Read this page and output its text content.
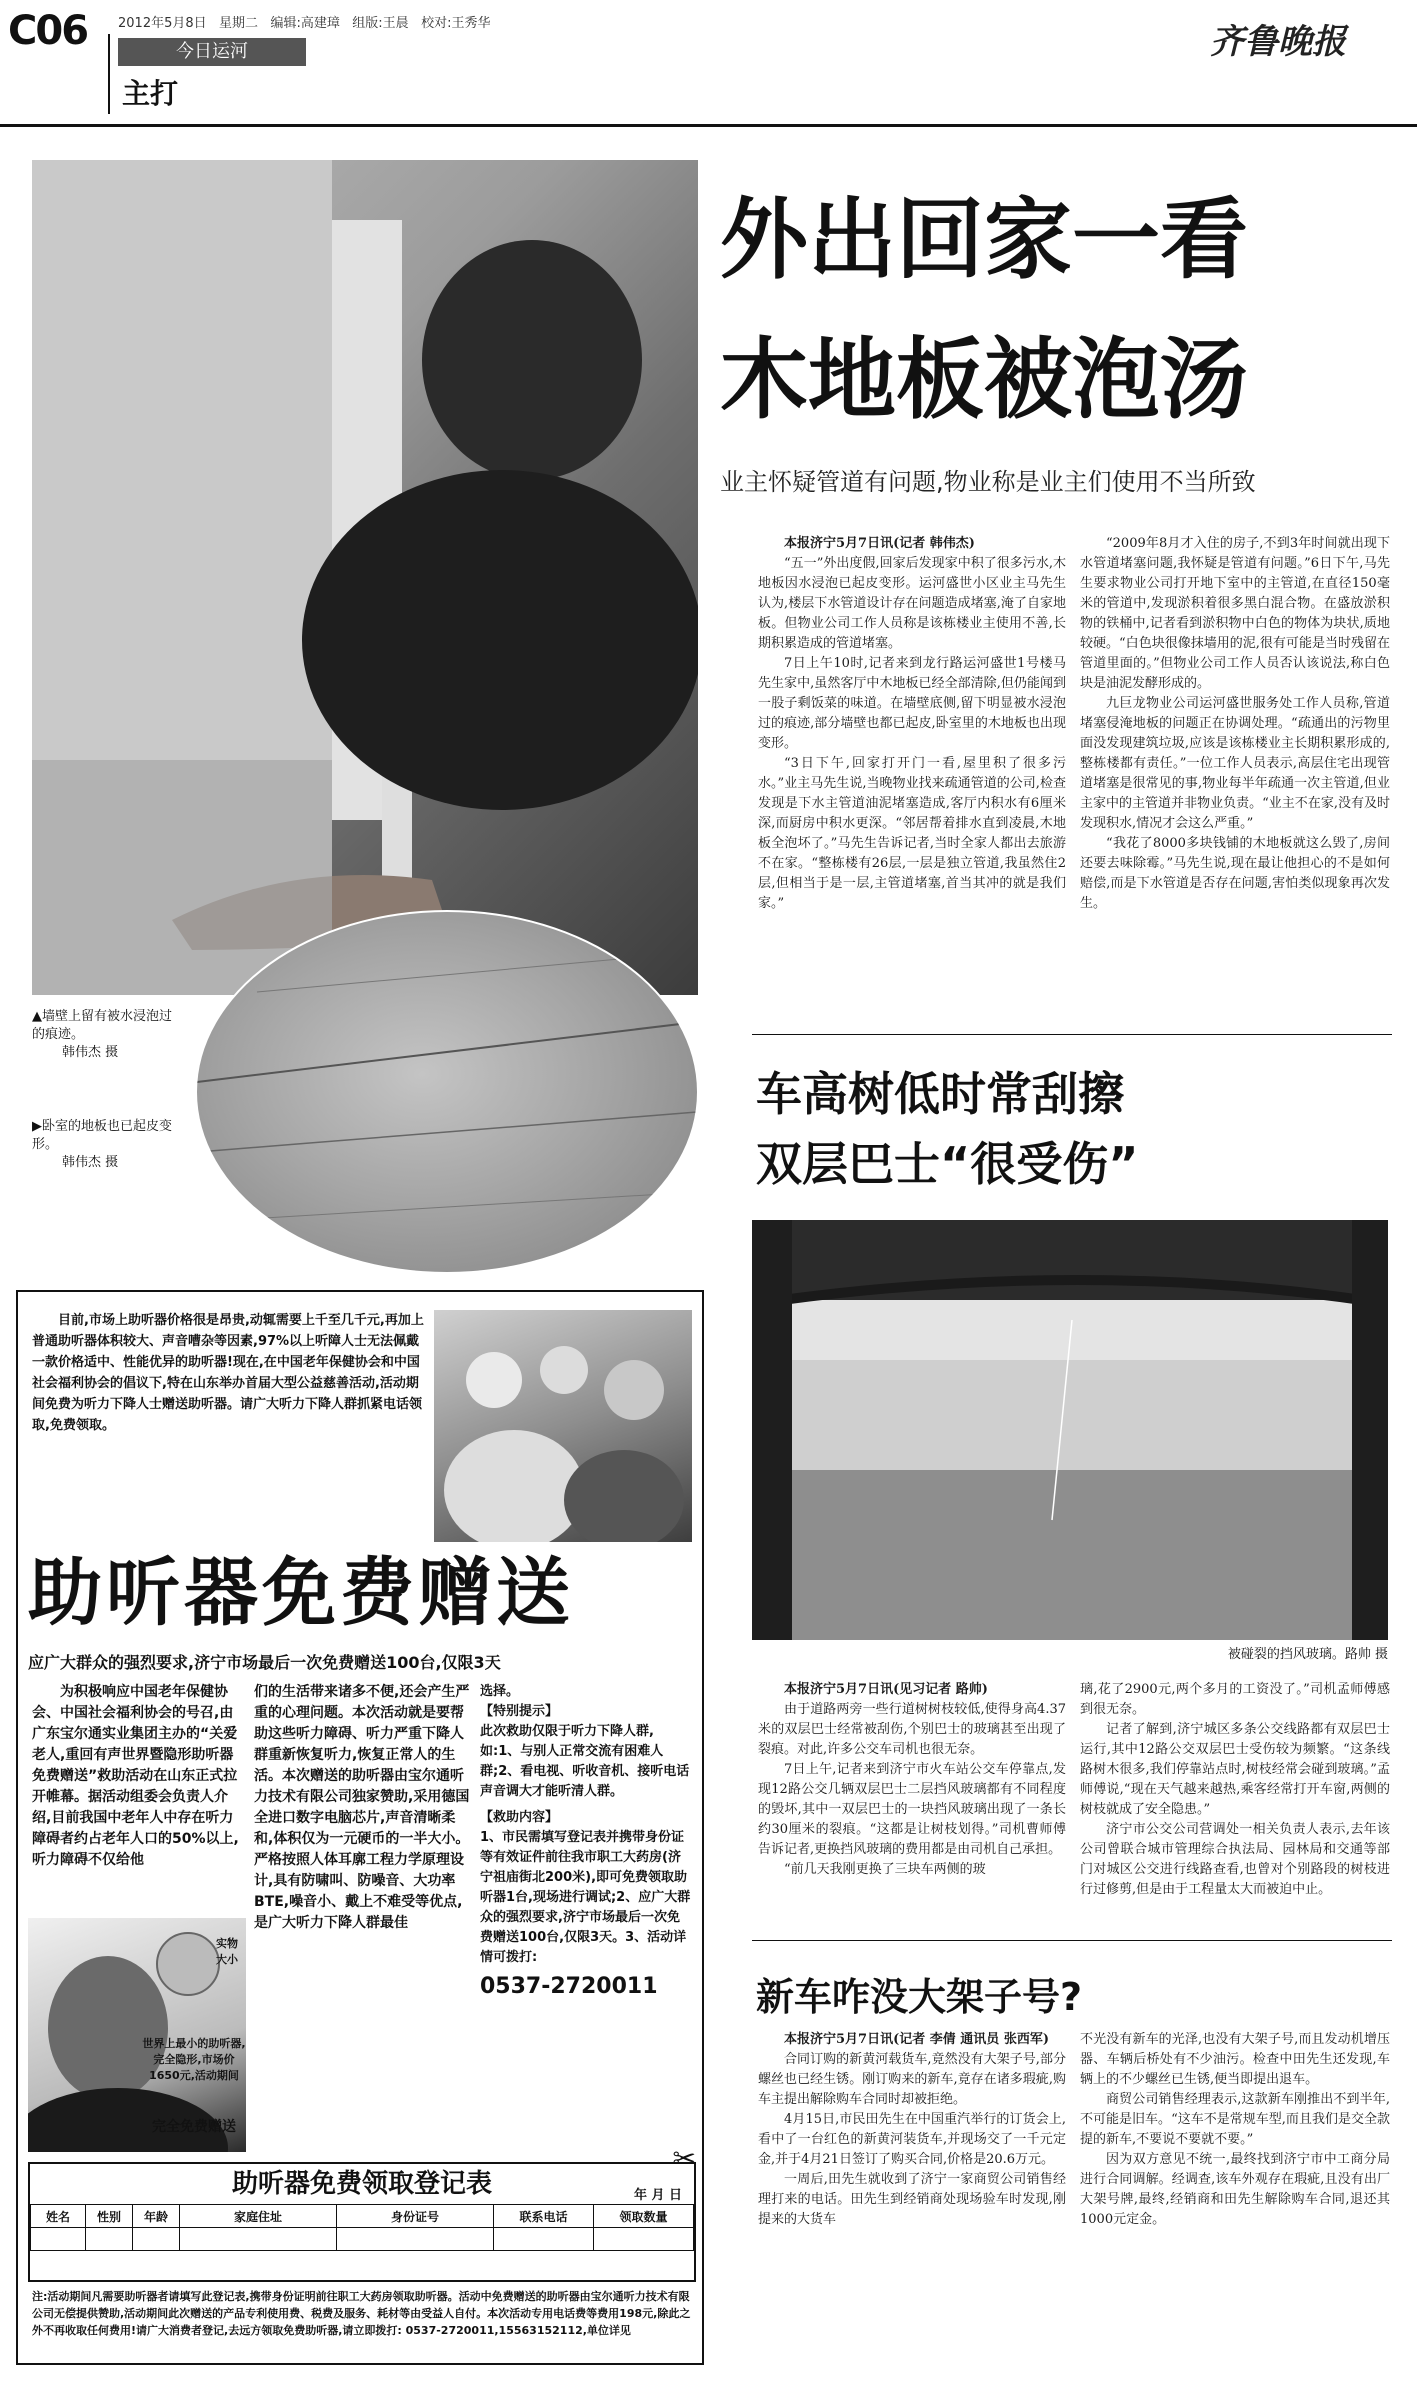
C06 2012年5月8日 星期二 编辑:高建璋 组版:王晨 校对:王秀华
今日运河
主打
齐鲁晚报
▲墙壁上留有被水浸泡过的痕迹。
韩伟杰 摄
▶卧室的地板也已起皮变形。
韩伟杰 摄
外出回家一看
木地板被泡汤
业主怀疑管道有问题,物业称是业主们使用不当所致

本报济宁5月7日讯(记者 韩伟杰)

“五一”外出度假,回家后发现家中积了很多污水,木地板因水浸泡已起皮变形。运河盛世小区业主马先生认为,楼层下水管道设计存在问题造成堵塞,淹了自家地板。但物业公司工作人员称是该栋楼业主使用不善,长期积累造成的管道堵塞。

7日上午10时,记者来到龙行路运河盛世1号楼马先生家中,虽然客厅中木地板已经全部清除,但仍能闻到一股子剩饭菜的味道。在墙壁底侧,留下明显被水浸泡过的痕迹,部分墙壁也都已起皮,卧室里的木地板也出现变形。

“3日下午,回家打开门一看,屋里积了很多污水。”业主马先生说,当晚物业找来疏通管道的公司,检查发现是下水主管道油泥堵塞造成,客厅内积水有6厘米深,而厨房中积水更深。“邻居帮着排水直到凌晨,木地板全泡坏了。”马先生告诉记者,当时全家人都出去旅游不在家。“整栋楼有26层,一层是独立管道,我虽然住2层,但相当于是一层,主管道堵塞,首当其冲的就是我们家。”

“2009年8月才入住的房子,不到3年时间就出现下水管道堵塞问题,我怀疑是管道有问题。”6日下午,马先生要求物业公司打开地下室中的主管道,在直径150毫米的管道中,发现淤积着很多黑白混合物。在盛放淤积物的铁桶中,记者看到淤积物中白色的物体为块状,质地较硬。“白色块很像抹墙用的泥,很有可能是当时残留在管道里面的。”但物业公司工作人员否认该说法,称白色块是油泥发酵形成的。

九巨龙物业公司运河盛世服务处工作人员称,管道堵塞侵淹地板的问题正在协调处理。“疏通出的污物里面没发现建筑垃圾,应该是该栋楼业主长期积累形成的,整栋楼都有责任。”一位工作人员表示,高层住宅出现管道堵塞是很常见的事,物业每半年疏通一次主管道,但业主家中的主管道并非物业负责。“业主不在家,没有及时发现积水,情况才会这么严重。”

“我花了8000多块钱铺的木地板就这么毁了,房间还要去味除霉。”马先生说,现在最让他担心的不是如何赔偿,而是下水管道是否存在问题,害怕类似现象再次发生。

车高树低时常刮擦
双层巴士“很受伤”
被碰裂的挡风玻璃。路帅 摄

本报济宁5月7日讯(见习记者 路帅)

由于道路两旁一些行道树树枝较低,使得身高4.37米的双层巴士经常被刮伤,个别巴士的玻璃甚至出现了裂痕。对此,许多公交车司机也很无奈。

7日上午,记者来到济宁市火车站公交车停靠点,发现12路公交几辆双层巴士二层挡风玻璃都有不同程度的毁坏,其中一双层巴士的一块挡风玻璃出现了一条长约30厘米的裂痕。“这都是让树枝划得。”司机曹师傅告诉记者,更换挡风玻璃的费用都是由司机自己承担。

“前几天我刚更换了三块车两侧的玻

璃,花了2900元,两个多月的工资没了。”司机孟师傅感到很无奈。

记者了解到,济宁城区多条公交线路都有双层巴士运行,其中12路公交双层巴士受伤较为频繁。“这条线路树木很多,我们停靠站点时,树枝经常会碰到玻璃。”孟师傅说,“现在天气越来越热,乘客经常打开车窗,两侧的树枝就成了安全隐患。”

济宁市公交公司营调处一相关负责人表示,去年该公司曾联合城市管理综合执法局、园林局和交通等部门对城区公交进行线路查看,也曾对个别路段的树枝进行过修剪,但是由于工程量太大而被迫中止。

新车咋没大架子号?

本报济宁5月7日讯(记者 李倩 通讯员 张西军)

合同订购的新黄河载货车,竟然没有大架子号,部分螺丝也已经生锈。刚订购来的新车,竟存在诸多瑕疵,购车主提出解除购车合同时却被拒绝。

4月15日,市民田先生在中国重汽举行的订货会上,看中了一台红色的新黄河装货车,并现场交了一千元定金,并于4月21日签订了购买合同,价格是20.6万元。

一周后,田先生就收到了济宁一家商贸公司销售经理打来的电话。田先生到经销商处现场验车时发现,刚提来的大货车

不光没有新车的光泽,也没有大架子号,而且发动机增压器、车辆后桥处有不少油污。检查中田先生还发现,车辆上的不少螺丝已生锈,便当即提出退车。

商贸公司销售经理表示,这款新车刚推出不到半年,不可能是旧车。“这车不是常规车型,而且我们是交全款提的新车,不要说不要就不要。”

因为双方意见不统一,最终找到济宁市中工商分局进行合同调解。经调查,该车外观存在瑕疵,且没有出厂大架号牌,最终,经销商和田先生解除购车合同,退还其1000元定金。

目前,市场上助听器价格很是昂贵,动辄需要上千至几千元,再加上普通助听器体积较大、声音嘈杂等因素,97%以上听障人士无法佩戴一款价格适中、性能优异的助听器!现在,在中国老年保健协会和中国社会福利协会的倡议下,特在山东举办首届大型公益慈善活动,活动期间免费为听力下降人士赠送助听器。请广大听力下降人群抓紧电话领取,免费领取。
助听器免费赠送
应广大群众的强烈要求,济宁市场最后一次免费赠送100台,仅限3天
为积极响应中国老年保健协会、中国社会福利协会的号召,由广东宝尔通实业集团主办的“关爱老人,重回有声世界暨隐形助听器免费赠送”救助活动在山东正式拉开帷幕。据活动组委会负责人介绍,目前我国中老年人中存在听力障碍者约占老年人口的50%以上,听力障碍不仅给他
们的生活带来诸多不便,还会产生严重的心理问题。本次活动就是要帮助这些听力障碍、听力严重下降人群重新恢复听力,恢复正常人的生活。本次赠送的助听器由宝尔通听力技术有限公司独家赞助,采用德国全进口数字电脑芯片,声音清晰柔和,体积仅为一元硬币的一半大小。严格按照人体耳廓工程力学原理设计,具有防啸叫、防噪音、大功率BTE,噪音小、戴上不难受等优点,是广大听力下降人群最佳
选择。
【特别提示】
此次救助仅限于听力下降人群,如:1、与别人正常交流有困难人群;2、看电视、听收音机、接听电话声音调大才能听清人群。
【救助内容】
1、市民需填写登记表并携带身份证等有效证件前往我市职工大药房(济宁祖庙街北200米),即可免费领取助听器1台,现场进行调试;2、应广大群众的强烈要求,济宁市场最后一次免费赠送100台,仅限3天。3、活动详情可拨打:
0537-2720011
实物大小
世界上最小的助听器,完全隐形,市场价1650元,活动期间
完全免费赠送
助听器免费领取登记表	年 月 日
✂
姓名	性别	年龄	家庭住址	身份证号	联系电话	领取数量

注:活动期间凡需要助听器者请填写此登记表,携带身份证明前往职工大药房领取助听器。活动中免费赠送的助听器由宝尔通听力技术有限公司无偿提供赞助,活动期间此次赠送的产品专利使用费、税费及服务、耗材等由受益人自付。本次活动专用电话费等费用198元,除此之外不再收取任何费用!请广大消费者登记,去远方领取免费助听器,请立即拨打: 0537-2720011,15563152112,单位详见
